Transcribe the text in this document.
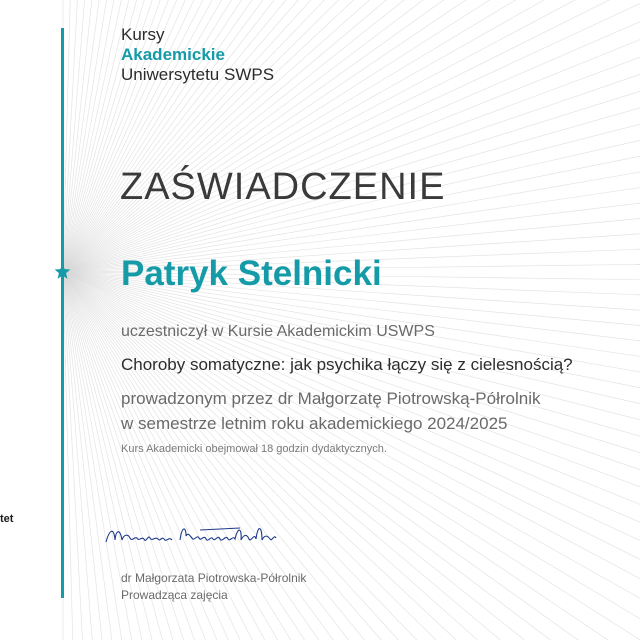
Kursy
Akademickie
Uniwersytetu SWPS
ZAŚWIADCZENIE
Patryk Stelnicki
uczestniczył w Kursie Akademickim USWPS
Choroby somatyczne: jak psychika łączy się z cielesnością?
prowadzonym przez dr Małgorzatę Piotrowską-Półrolnik
w semestrze letnim roku akademickiego 2024/2025
Kurs Akademicki obejmował 18 godzin dydaktycznych.
tet
dr Małgorzata Piotrowska-Półrolnik
Prowadząca zajęcia
